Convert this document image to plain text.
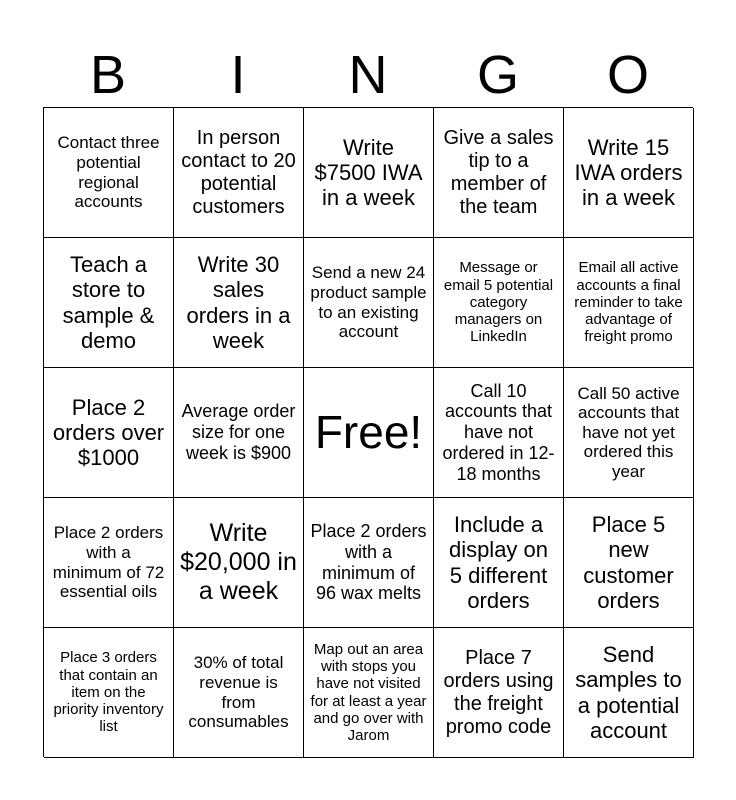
B	I	N	G	O
Contact three potential regional accounts
In person contact to 20 potential customers
Write $7500 IWA in a week
Give a sales tip to a member of the team
Write 15 IWA orders in a week
Teach a store to sample & demo
Write 30 sales orders in a week
Send a new 24 product sample to an existing account
Message or email 5 potential category managers on LinkedIn
Email all active accounts a final reminder to take advantage of freight promo
Place 2 orders over $1000
Average order size for one week is $900 Free!
Call 10 accounts that have not ordered in 12-18 months
Call 50 active accounts that have not yet ordered this year
Place 2 orders with a minimum of 72 essential oils
Write $20,000 in a week
Place 2 orders with a minimum of 96 wax melts
Include a display on 5 different orders
Place 5 new customer orders
Place 3 orders that contain an item on the priority inventory list
30% of total revenue is from consumables
Map out an area with stops you have not visited for at least a year and go over with Jarom
Place 7 orders using the freight promo code
Send samples to a potential account
